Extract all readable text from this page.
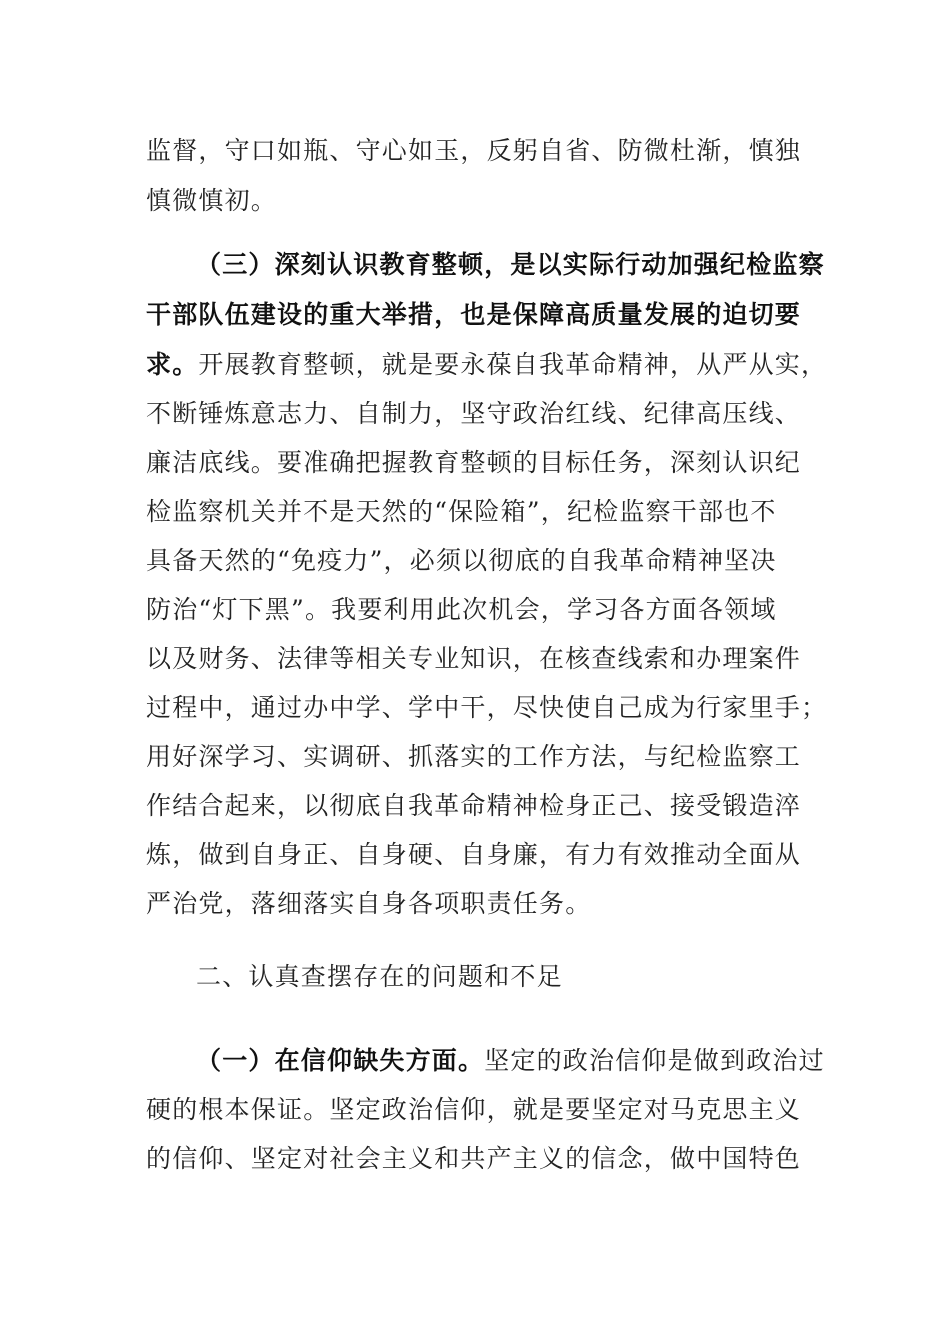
监督，守口如瓶、守心如玉，反躬自省、防微杜渐，慎独
慎微慎初。
（三）深刻认识教育整顿，是以实际行动加强纪检监察
干部队伍建设的重大举措，也是保障高质量发展的迫切要
求。开展教育整顿，就是要永葆自我革命精神，从严从实，
不断锤炼意志力、自制力，坚守政治红线、纪律高压线、
廉洁底线。要准确把握教育整顿的目标任务，深刻认识纪
检监察机关并不是天然的“保险箱”，纪检监察干部也不
具备天然的“免疫力”，必须以彻底的自我革命精神坚决
防治“灯下黑”。我要利用此次机会，学习各方面各领域
以及财务、法律等相关专业知识，在核查线索和办理案件
过程中，通过办中学、学中干，尽快使自己成为行家里手；
用好深学习、实调研、抓落实的工作方法，与纪检监察工
作结合起来，以彻底自我革命精神检身正己、接受锻造淬
炼，做到自身正、自身硬、自身廉，有力有效推动全面从
严治党，落细落实自身各项职责任务。
二、认真查摆存在的问题和不足
（一）在信仰缺失方面。坚定的政治信仰是做到政治过
硬的根本保证。坚定政治信仰，就是要坚定对马克思主义
的信仰、坚定对社会主义和共产主义的信念，做中国特色
